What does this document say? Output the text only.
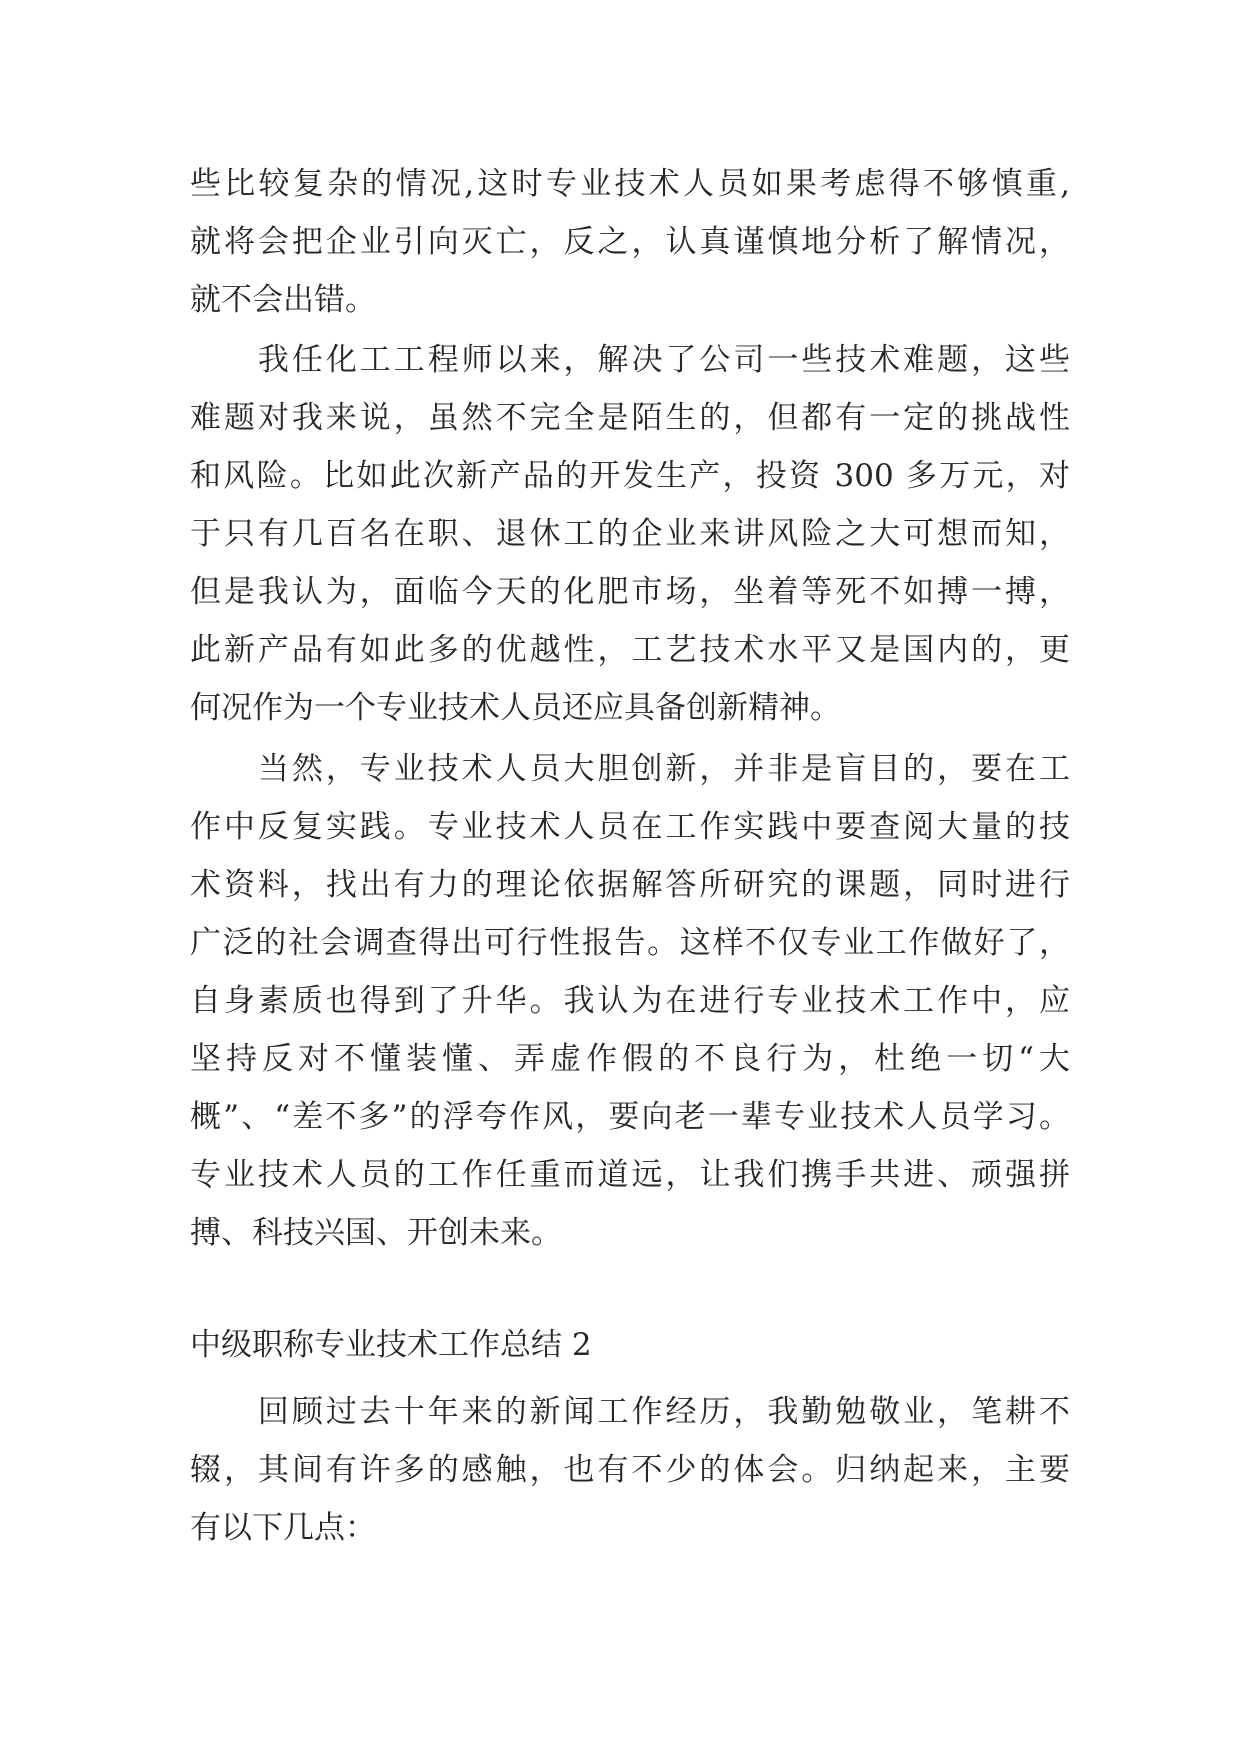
些比较复杂的情况,这时专业技术人员如果考虑得不够慎重,
就将会把企业引向灭亡，反之，认真谨慎地分析了解情况，
就不会出错。
　　我任化工工程师以来，解决了公司一些技术难题，这些
难题对我来说，虽然不完全是陌生的，但都有一定的挑战性
和风险。比如此次新产品的开发生产，投资 300 多万元，对
于只有几百名在职、退休工的企业来讲风险之大可想而知，
但是我认为，面临今天的化肥市场，坐着等死不如搏一搏，
此新产品有如此多的优越性，工艺技术水平又是国内的，更
何况作为一个专业技术人员还应具备创新精神。
　　当然，专业技术人员大胆创新，并非是盲目的，要在工
作中反复实践。专业技术人员在工作实践中要查阅大量的技
术资料，找出有力的理论依据解答所研究的课题，同时进行
广泛的社会调查得出可行性报告。这样不仅专业工作做好了，
自身素质也得到了升华。我认为在进行专业技术工作中，应
坚持反对不懂装懂、弄虚作假的不良行为，杜绝一切“大
概”、“差不多”的浮夸作风，要向老一辈专业技术人员学习。
专业技术人员的工作任重而道远，让我们携手共进、顽强拼
搏、科技兴国、开创未来。
中级职称专业技术工作总结 2
　　回顾过去十年来的新闻工作经历，我勤勉敬业，笔耕不
辍，其间有许多的感触，也有不少的体会。归纳起来，主要
有以下几点：
